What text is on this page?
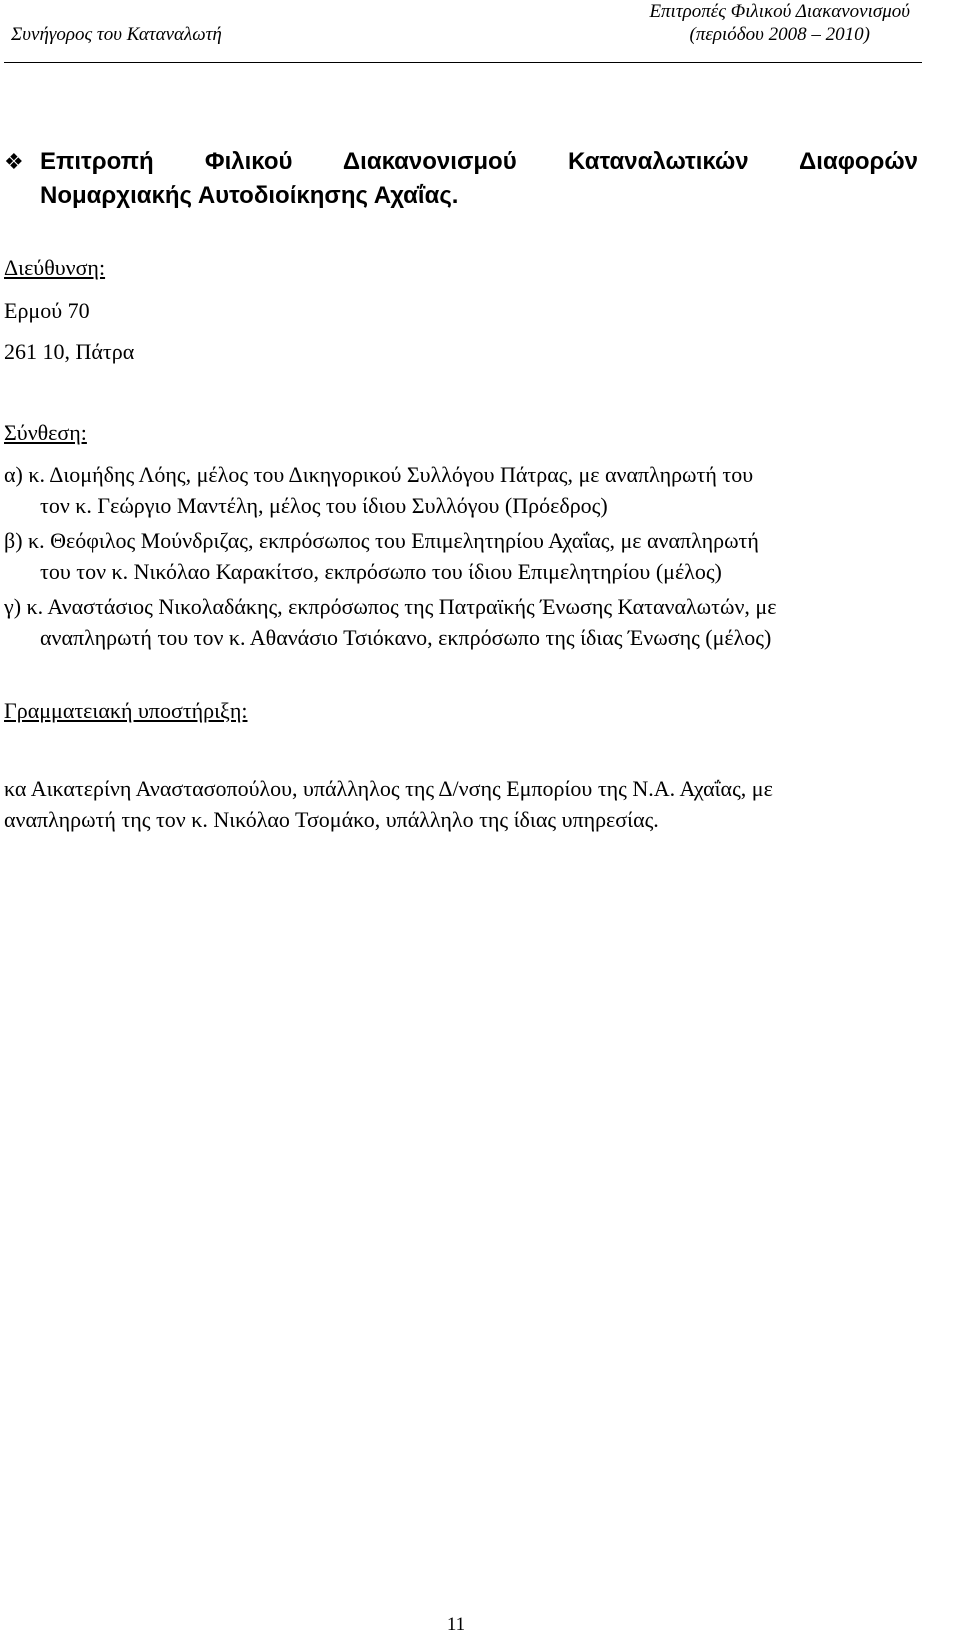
Συνήγορος του Καταναλωτή
Επιτροπές Φιλικού Διακανονισμού
(περιόδου 2008 – 2010)
❖ Επιτροπή Φιλικού Διακανονισμού Καταναλωτικών Διαφορών
Νομαρχιακής Αυτοδιοίκησης Αχαΐας.
Διεύθυνση:
Ερμού 70
261 10, Πάτρα
Σύνθεση:
α) κ. Διομήδης Λόης, μέλος του Δικηγορικού Συλλόγου Πάτρας, με αναπληρωτή του
τον κ. Γεώργιο Μαντέλη, μέλος του ίδιου Συλλόγου (Πρόεδρος)
β) κ. Θεόφιλος Μούνδριζας, εκπρόσωπος του Επιμελητηρίου Αχαΐας, με αναπληρωτή
του τον κ. Νικόλαο Καρακίτσο, εκπρόσωπο του ίδιου Επιμελητηρίου (μέλος)
γ) κ. Αναστάσιος Νικολαδάκης, εκπρόσωπος της Πατραϊκής Ένωσης Καταναλωτών, με
αναπληρωτή του τον κ. Αθανάσιο Τσιόκανο, εκπρόσωπο της ίδιας Ένωσης (μέλος)
Γραμματειακή υποστήριξη:
κα Αικατερίνη Αναστασοπούλου, υπάλληλος της Δ/νσης Εμπορίου της Ν.Α. Αχαΐας, με
αναπληρωτή της τον κ. Νικόλαο Τσομάκο, υπάλληλο της ίδιας υπηρεσίας.
11
